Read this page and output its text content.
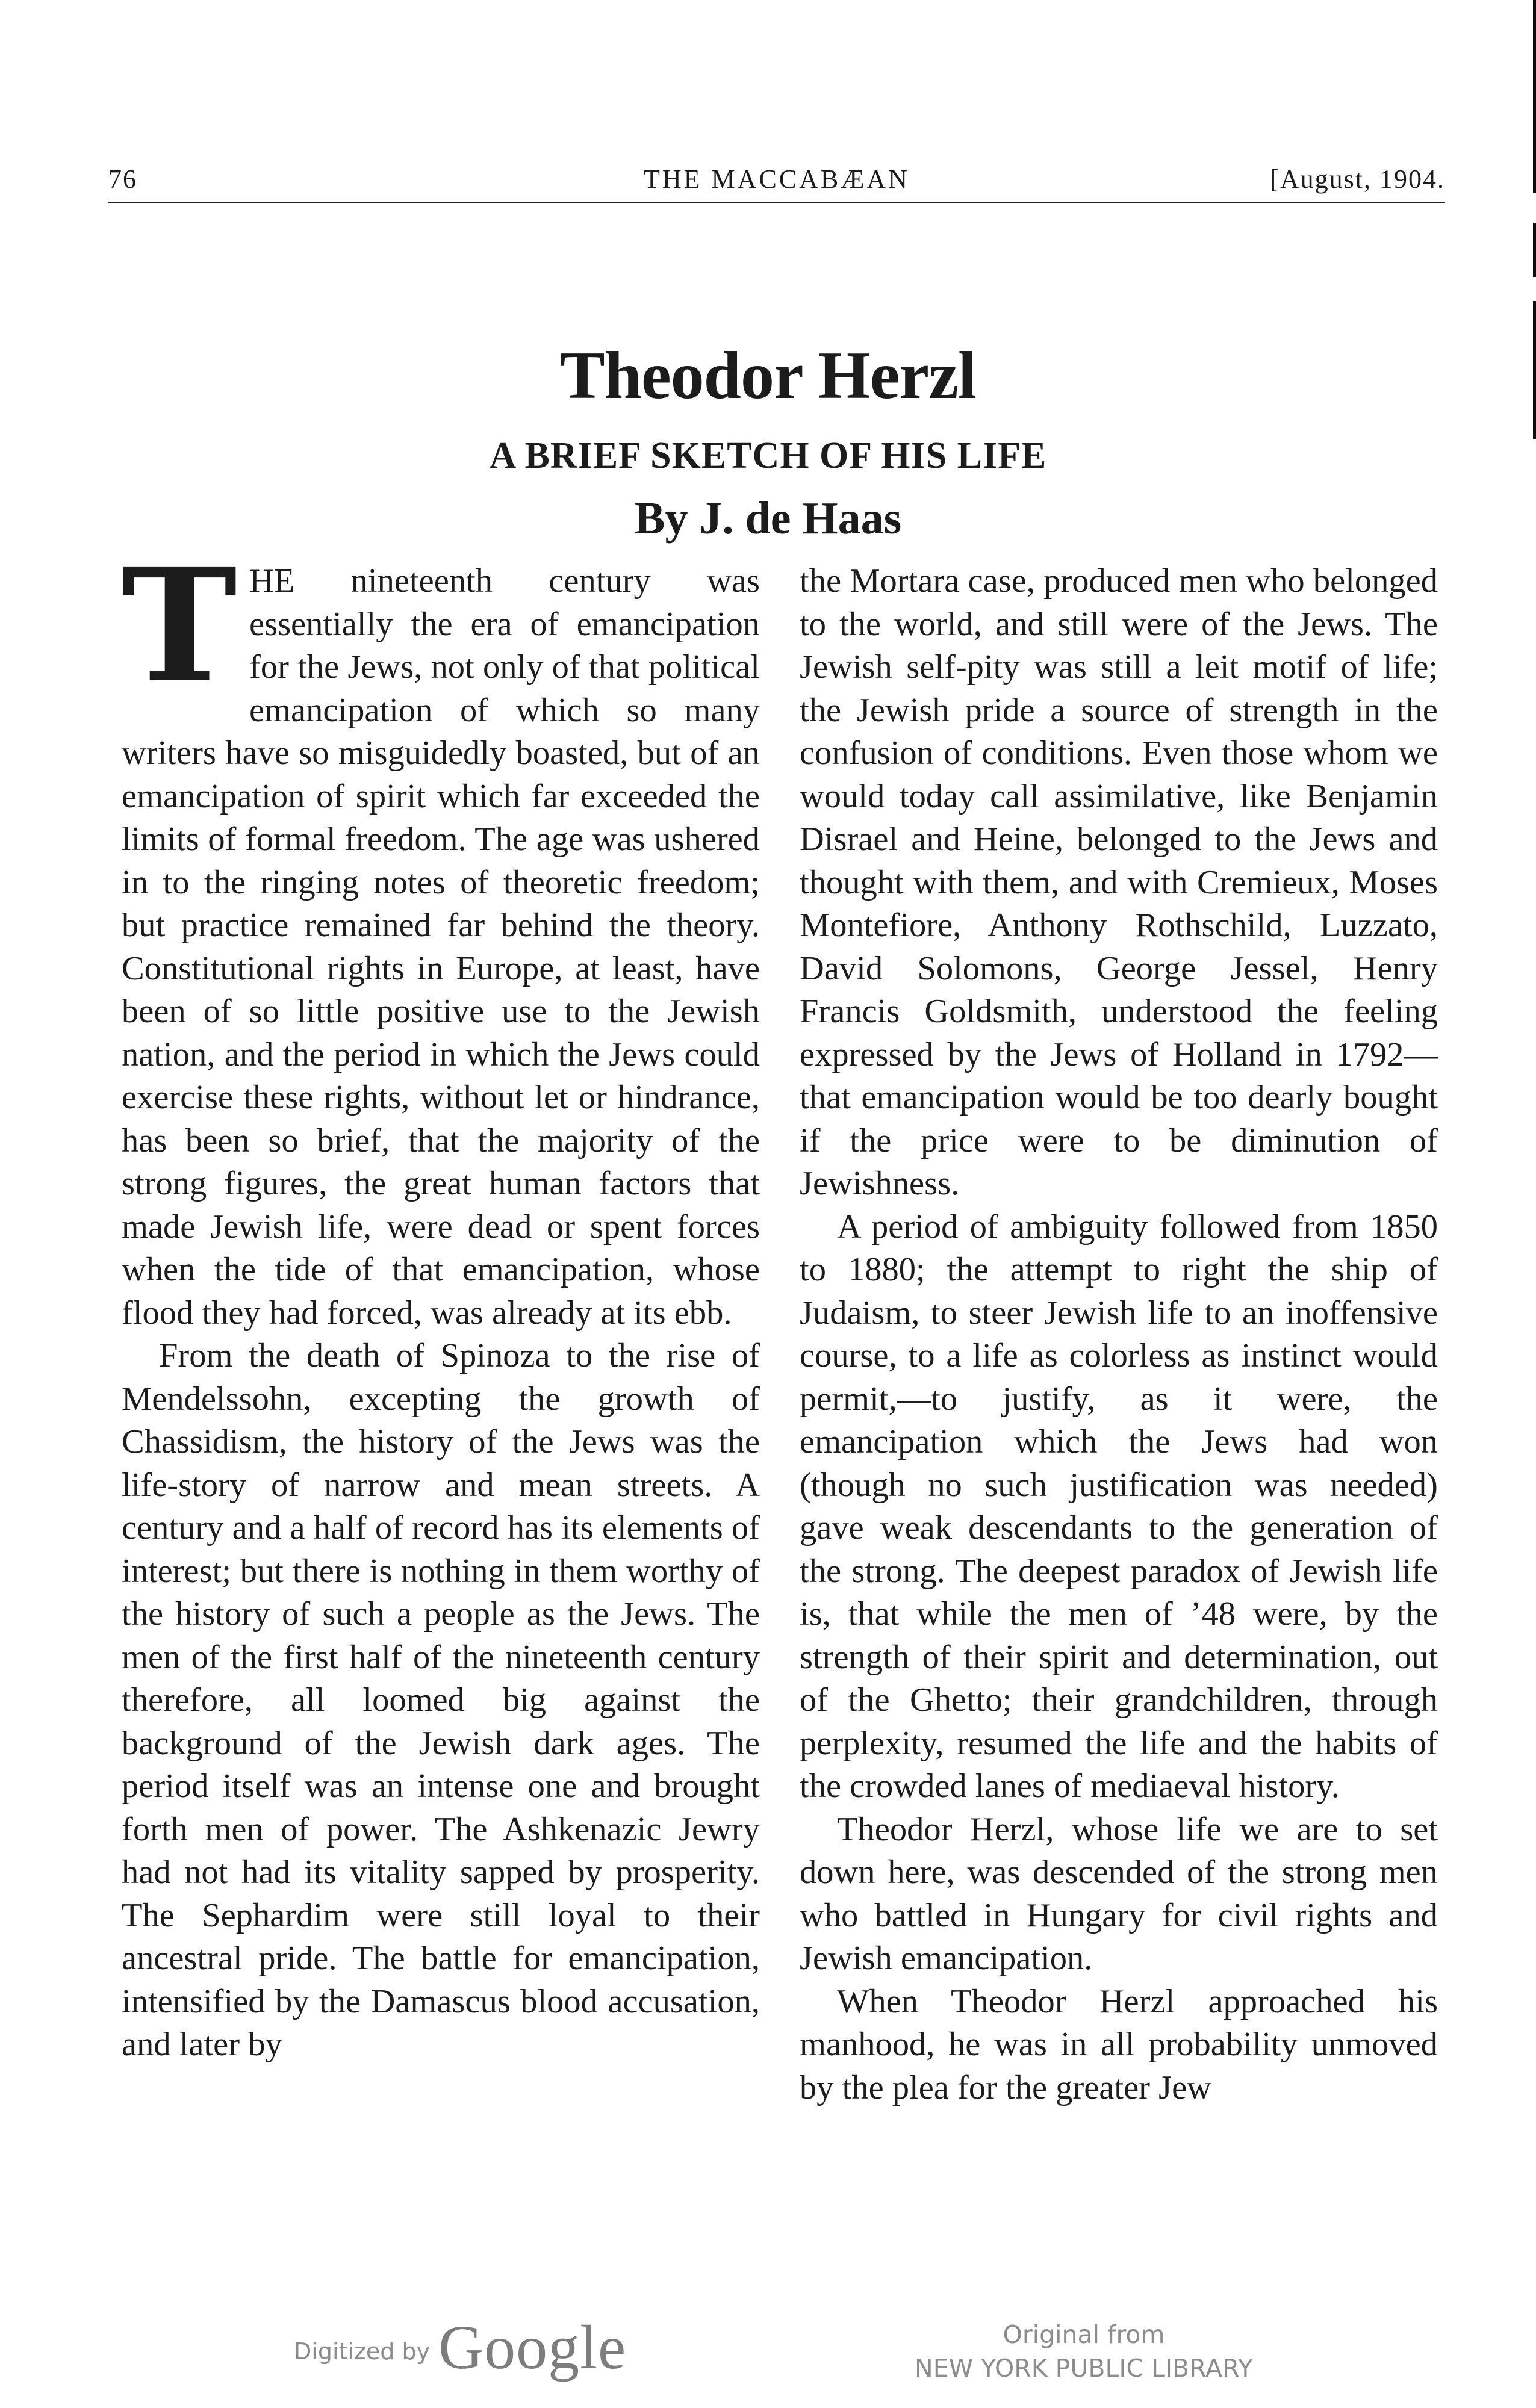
76	THE MACCABÆAN	[August, 1904.
Theodor Herzl
A BRIEF SKETCH OF HIS LIFE
By J. de Haas

THE nineteenth century was essentially the era of emancipation for the Jews, not only of that political emancipation of which so many writers have so misguidedly boasted, but of an emancipation of spirit which far exceeded the limits of formal freedom. The age was ushered in to the ringing notes of theoretic freedom; but practice remained far behind the theory. Constitutional rights in Europe, at least, have been of so little positive use to the Jewish nation, and the period in which the Jews could exercise these rights, without let or hindrance, has been so brief, that the majority of the strong figures, the great human factors that made Jewish life, were dead or spent forces when the tide of that emancipation, whose flood they had forced, was already at its ebb.

From the death of Spinoza to the rise of Mendelssohn, excepting the growth of Chassidism, the history of the Jews was the life-story of narrow and mean streets. A century and a half of record has its elements of interest; but there is nothing in them worthy of the history of such a people as the Jews. The men of the first half of the nineteenth century therefore, all loomed big against the background of the Jewish dark ages. The period itself was an intense one and brought forth men of power. The Ashkenazic Jewry had not had its vitality sapped by prosperity. The Sephardim were still loyal to their ancestral pride. The battle for emancipation, intensified by the Damascus blood accusation, and later by

the Mortara case, produced men who belonged to the world, and still were of the Jews. The Jewish self-pity was still a leit motif of life; the Jewish pride a source of strength in the confusion of conditions. Even those whom we would today call assimilative, like Benjamin Disrael and Heine, belonged to the Jews and thought with them, and with Cremieux, Moses Montefiore, Anthony Rothschild, Luzzato, David Solomons, George Jessel, Henry Francis Goldsmith, understood the feeling expressed by the Jews of Holland in 1792—that emancipation would be too dearly bought if the price were to be diminution of Jewishness.

A period of ambiguity followed from 1850 to 1880; the attempt to right the ship of Judaism, to steer Jewish life to an inoffensive course, to a life as colorless as instinct would permit,—to justify, as it were, the emancipation which the Jews had won (though no such justification was needed) gave weak descendants to the generation of the strong. The deepest paradox of Jewish life is, that while the men of ’48 were, by the strength of their spirit and determination, out of the Ghetto; their grandchildren, through perplexity, resumed the life and the habits of the crowded lanes of mediaeval history.

Theodor Herzl, whose life we are to set down here, was descended of the strong men who battled in Hungary for civil rights and Jewish emancipation.

When Theodor Herzl approached his manhood, he was in all probability unmoved by the plea for the greater Jew

Digitized by Google	Original from
NEW YORK PUBLIC LIBRARY
